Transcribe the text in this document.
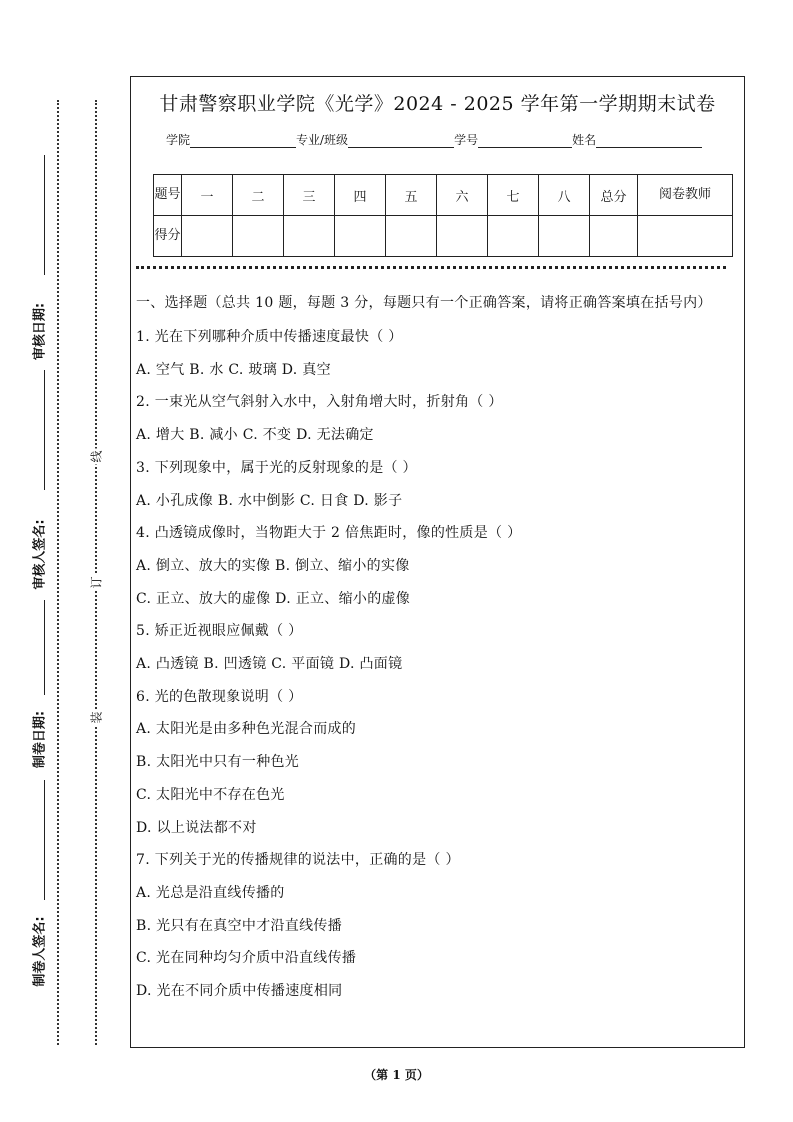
审核日期:
审核人签名:
制卷日期:
制卷人签名:
线
订
装
甘肃警察职业学院《光学》2024 - 2025 学年第一学期期末试卷
学院	专业/班级	学号	姓名
题号	一	二	三	四	五	六	七	八	总分	阅卷教师
得分										
一、选择题（总共 10 题，每题 3 分，每题只有一个正确答案，请将正确答案填在括号内）
1. 光在下列哪种介质中传播速度最快（ ）
A. 空气 B. 水 C. 玻璃 D. 真空
2. 一束光从空气斜射入水中，入射角增大时，折射角（ ）
A. 增大 B. 减小 C. 不变 D. 无法确定
3. 下列现象中，属于光的反射现象的是（ ）
A. 小孔成像 B. 水中倒影 C. 日食 D. 影子
4. 凸透镜成像时，当物距大于 2 倍焦距时，像的性质是（ ）
A. 倒立、放大的实像 B. 倒立、缩小的实像
C. 正立、放大的虚像 D. 正立、缩小的虚像
5. 矫正近视眼应佩戴（ ）
A. 凸透镜 B. 凹透镜 C. 平面镜 D. 凸面镜
6. 光的色散现象说明（ ）
A. 太阳光是由多种色光混合而成的
B. 太阳光中只有一种色光
C. 太阳光中不存在色光
D. 以上说法都不对
7. 下列关于光的传播规律的说法中，正确的是（ ）
A. 光总是沿直线传播的
B. 光只有在真空中才沿直线传播
C. 光在同种均匀介质中沿直线传播
D. 光在不同介质中传播速度相同
（第 1 页）
